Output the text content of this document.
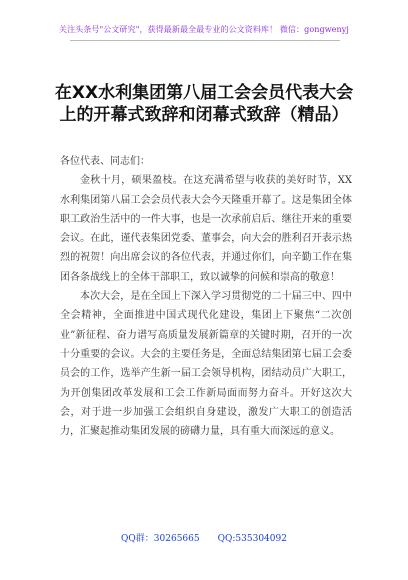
关注头条号"公文研究"，获得最新最全最专业的公文资料库！ 微信：gongwenyj
在XX水利集团第八届工会会员代表大会
上的开幕式致辞和闭幕式致辞（精品）

各位代表、同志们：

金秋十月，硕果盈枝。在这充满希望与收获的美好时节，XX水利集团第八届工会会员代表大会今天隆重开幕了。这是集团全体职工政治生活中的一件大事，也是一次承前启后、继往开来的重要会议。在此，谨代表集团党委、董事会，向大会的胜利召开表示热烈的祝贺！向出席会议的各位代表，并通过你们，向辛勤工作在集团各条战线上的全体干部职工，致以诚挚的问候和崇高的敬意！

本次大会，是在全国上下深入学习贯彻党的二十届三中、四中全会精神，全面推进中国式现代化建设，集团上下聚焦“二次创业”新征程、奋力谱写高质量发展新篇章的关键时期，召开的一次十分重要的会议。大会的主要任务是，全面总结集团第七届工会委员会的工作，选举产生新一届工会领导机构，团结动员广大职工，为开创集团改革发展和工会工作新局面而努力奋斗。开好这次大会，对于进一步加强工会组织自身建设，激发广大职工的创造活力，汇聚起推动集团发展的磅礴力量，具有重大而深远的意义。

QQ群：30265665 QQ:535304092
